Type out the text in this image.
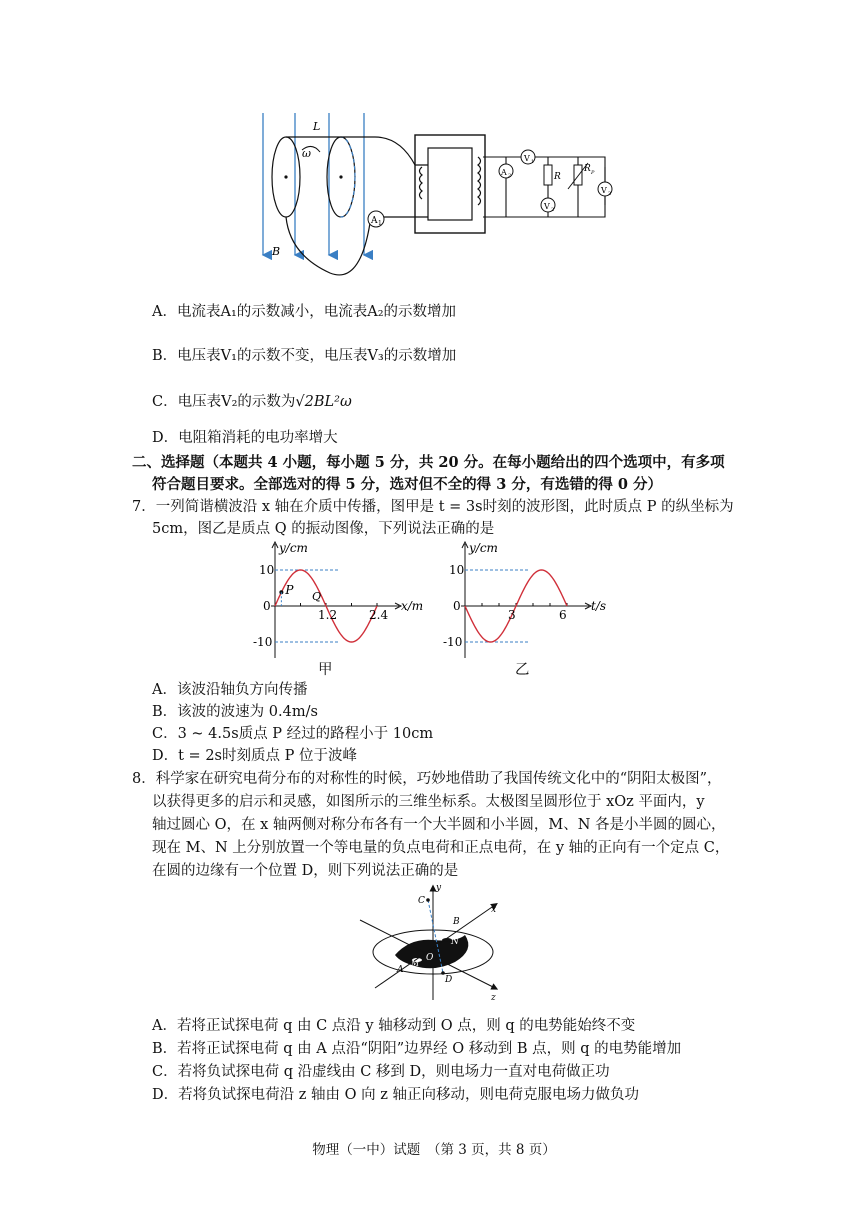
L
ω
B
A 1
A 2
V 1
R
V 2
R P
V 3
A．电流表A₁的示数减小，电流表A₂的示数增加
B．电压表V₁的示数不变，电压表V₃的示数增加
C．电压表V₂的示数为√2BL²ω
D．电阻箱消耗的电功率增大
二、选择题（本题共 4 小题，每小题 5 分，共 20 分。在每小题给出的四个选项中，有多项
符合题目要求。全部选对的得 5 分，选对但不全的得 3 分，有选错的得 0 分）
7．一列简谐横波沿 x 轴在介质中传播，图甲是 t = 3s时刻的波形图，此时质点 P 的纵坐标为
5cm，图乙是质点 Q 的振动图像，下列说法正确的是
y/cm
x/m
10
0
-10
1.2	2.4
P Q
y/cm
t/s
10
0
-10
3	6
甲	乙
A．该波沿轴负方向传播
B．该波的波速为 0.4m/s
C．3 ~ 4.5s质点 P 经过的路程小于 10cm
D．t = 2s时刻质点 P 位于波峰
8．科学家在研究电荷分布的对称性的时候，巧妙地借助了我国传统文化中的“阴阳太极图”，
以获得更多的启示和灵感，如图所示的三维坐标系。太极图呈圆形位于 xOz 平面内，y
轴过圆心 O，在 x 轴两侧对称分布各有一个大半圆和小半圆，M、N 各是小半圆的圆心，
现在 M、N 上分别放置一个等电量的负点电荷和正点电荷，在 y 轴的正向有一个定点 C，
在圆的边缘有一个位置 D，则下列说法正确的是
y
x
z
C
B
N
O
M
A
D
A．若将正试探电荷 q 由 C 点沿 y 轴移动到 O 点，则 q 的电势能始终不变
B．若将正试探电荷 q 由 A 点沿“阴阳”边界经 O 移动到 B 点，则 q 的电势能增加
C．若将负试探电荷 q 沿虚线由 C 移到 D，则电场力一直对电荷做正功
D．若将负试探电荷沿 z 轴由 O 向 z 轴正向移动，则电荷克服电场力做负功
物理（一中）试题　（第 3 页，共 8 页）
